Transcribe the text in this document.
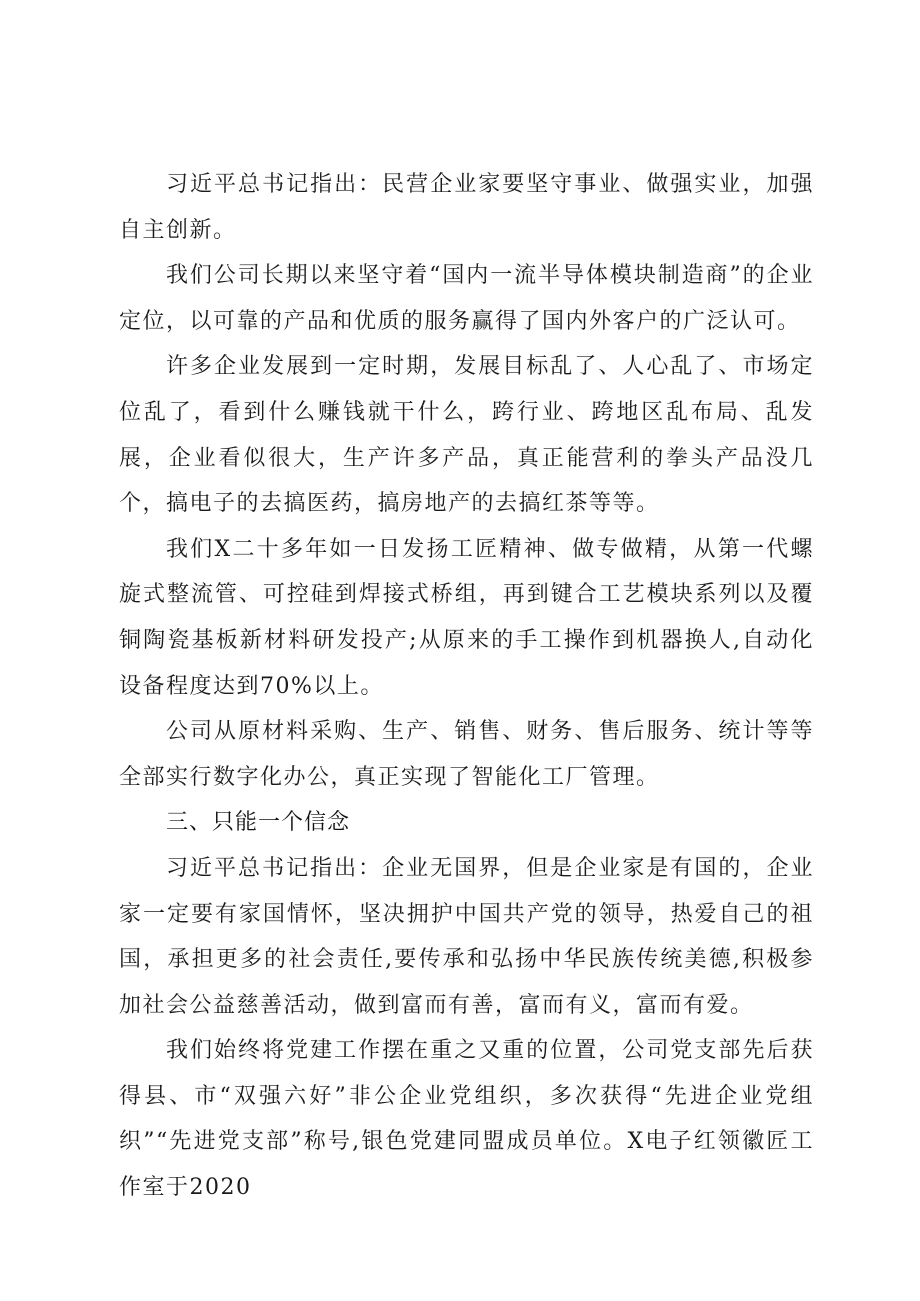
习近平总书记指出：民营企业家要坚守事业、做强实业，加强自主创新。

我们公司长期以来坚守着“国内一流半导体模块制造商”的企业定位，以可靠的产品和优质的服务赢得了国内外客户的广泛认可。

许多企业发展到一定时期，发展目标乱了、人心乱了、市场定位乱了，看到什么赚钱就干什么，跨行业、跨地区乱布局、乱发展，企业看似很大，生产许多产品，真正能营利的拳头产品没几个，搞电子的去搞医药，搞房地产的去搞红茶等等。

我们X二十多年如一日发扬工匠精神、做专做精，从第一代螺旋式整流管、可控硅到焊接式桥组，再到键合工艺模块系列以及覆铜陶瓷基板新材料研发投产;从原来的手工操作到机器换人,自动化设备程度达到70%以上。

公司从原材料采购、生产、销售、财务、售后服务、统计等等全部实行数字化办公，真正实现了智能化工厂管理。

三、只能一个信念

习近平总书记指出：企业无国界，但是企业家是有国的，企业家一定要有家国情怀，坚决拥护中国共产党的领导，热爱自己的祖国，承担更多的社会责任,要传承和弘扬中华民族传统美德,积极参加社会公益慈善活动，做到富而有善，富而有义，富而有爱。

我们始终将党建工作摆在重之又重的位置，公司党支部先后获得县、市“双强六好”非公企业党组织，多次获得“先进企业党组织”“先进党支部”称号,银色党建同盟成员单位。X电子红领徽匠工作室于2020
